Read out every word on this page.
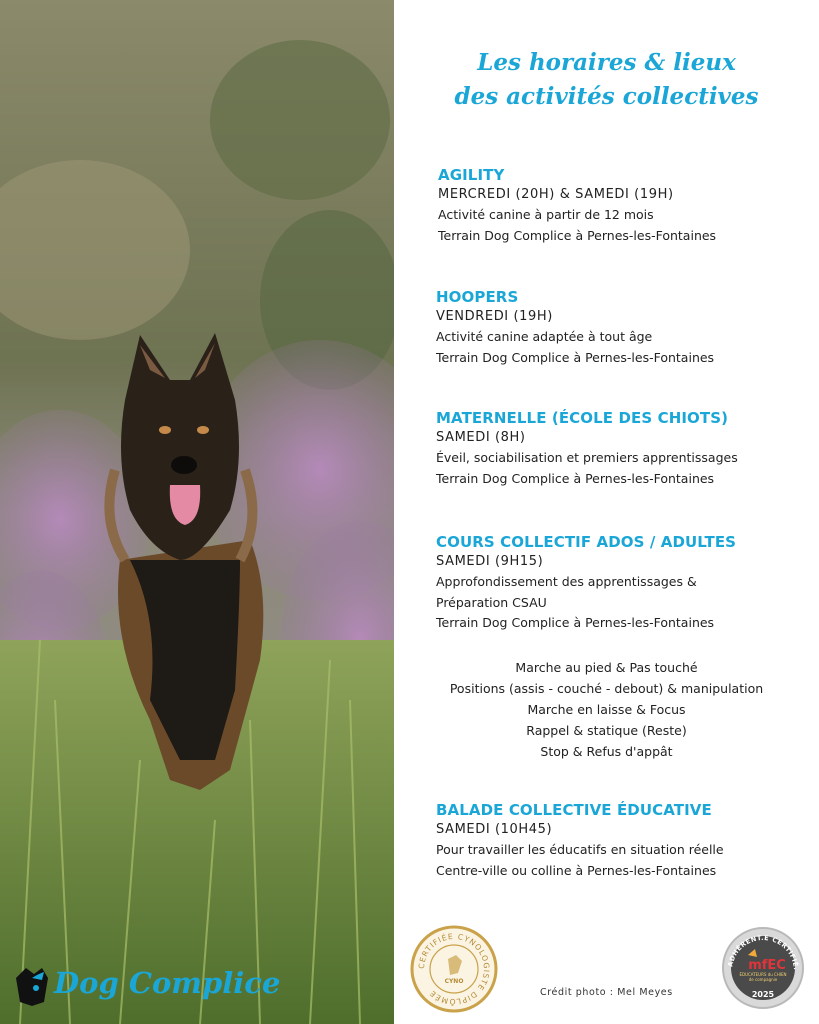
Les horaires & lieux
des activités collectives
AGILITY
MERCREDI (20H) & SAMEDI (19H)
Activité canine à partir de 12 mois
Terrain Dog Complice à Pernes-les-Fontaines
HOOPERS
VENDREDI (19H)
Activité canine adaptée à tout âge
Terrain Dog Complice à Pernes-les-Fontaines
MATERNELLE (ÉCOLE DES CHIOTS)
SAMEDI (8H)
Éveil, sociabilisation et premiers apprentissages
Terrain Dog Complice à Pernes-les-Fontaines
COURS COLLECTIF ADOS / ADULTES
SAMEDI (9H15)
Approfondissement des apprentissages &
Préparation CSAU
Terrain Dog Complice à Pernes-les-Fontaines
Marche au pied & Pas touché
Positions (assis - couché - debout) & manipulation
Marche en laisse & Focus
Rappel & statique (Reste)
Stop & Refus d'appât
BALADE COLLECTIVE ÉDUCATIVE
SAMEDI (10H45)
Pour travailler les éducatifs en situation réelle
Centre-ville ou colline à Pernes-les-Fontaines
CERTIFIÉE CYNOLOGISTE DIPLÔMÉE
CYNO
Crédit photo : Mel Meyes
ADHÉRENT.E CERTIFIÉ.
mfEC
ÉDUCATEURS du CHIEN de compagnie
2025
Dog Complice
